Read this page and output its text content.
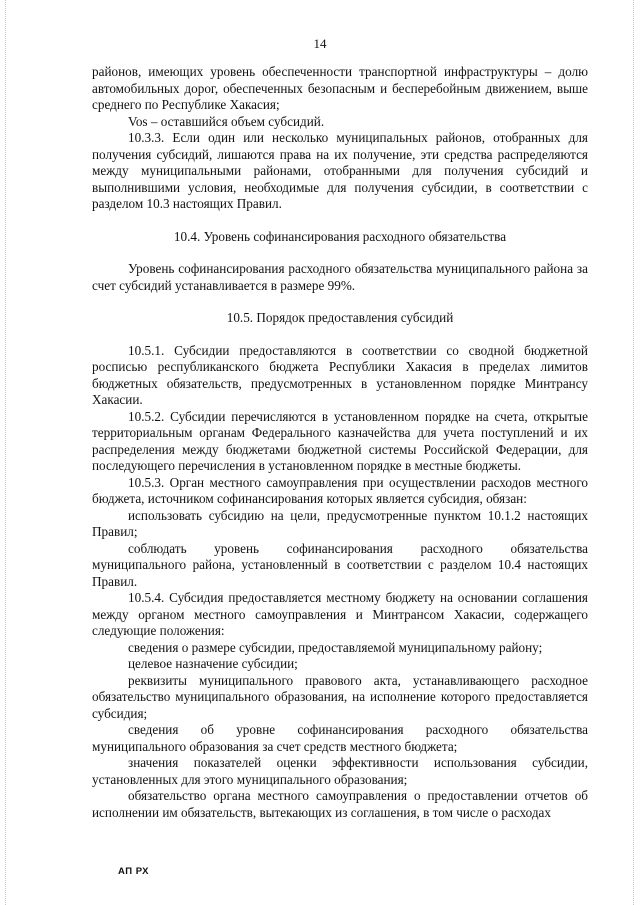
14

районов, имеющих уровень обеспеченности транспортной инфраструктуры – долю автомобильных дорог, обеспеченных безопасным и бесперебойным движением, выше среднего по Республике Хакасия;

Vos – оставшийся объем субсидий.

10.3.3. Если один или несколько муниципальных районов, отобранных для получения субсидий, лишаются права на их получение, эти средства распределяются между муниципальными районами, отобранными для получения субсидий и выполнившими условия, необходимые для получения субсидии, в соответствии с разделом 10.3 настоящих Правил.

10.4. Уровень софинансирования расходного обязательства

Уровень софинансирования расходного обязательства муниципального района за счет субсидий устанавливается в размере 99%.

10.5. Порядок предоставления субсидий

10.5.1. Субсидии предоставляются в соответствии со сводной бюджетной росписью республиканского бюджета Республики Хакасия в пределах лимитов бюджетных обязательств, предусмотренных в установленном порядке Минтрансу Хакасии.

10.5.2. Субсидии перечисляются в установленном порядке на счета, открытые территориальным органам Федерального казначейства для учета поступлений и их распределения между бюджетами бюджетной системы Российской Федерации, для последующего перечисления в установленном порядке в местные бюджеты.

10.5.3. Орган местного самоуправления при осуществлении расходов местного бюджета, источником софинансирования которых является субсидия, обязан:

использовать субсидию на цели, предусмотренные пунктом 10.1.2 настоящих Правил;

соблюдать уровень софинансирования расходного обязательства муниципального района, установленный в соответствии с разделом 10.4 настоящих Правил.

10.5.4. Субсидия предоставляется местному бюджету на основании соглашения между органом местного самоуправления и Минтрансом Хакасии, содержащего следующие положения:

сведения о размере субсидии, предоставляемой муниципальному району;

целевое назначение субсидии;

реквизиты муниципального правового акта, устанавливающего расходное обязательство муниципального образования, на исполнение которого предоставляется субсидия;

сведения об уровне софинансирования расходного обязательства муниципального образования за счет средств местного бюджета;

значения показателей оценки эффективности использования субсидии, установленных для этого муниципального образования;

обязательство органа местного самоуправления о предоставлении отчетов об исполнении им обязательств, вытекающих из соглашения, в том числе о расходах

АП РХ
